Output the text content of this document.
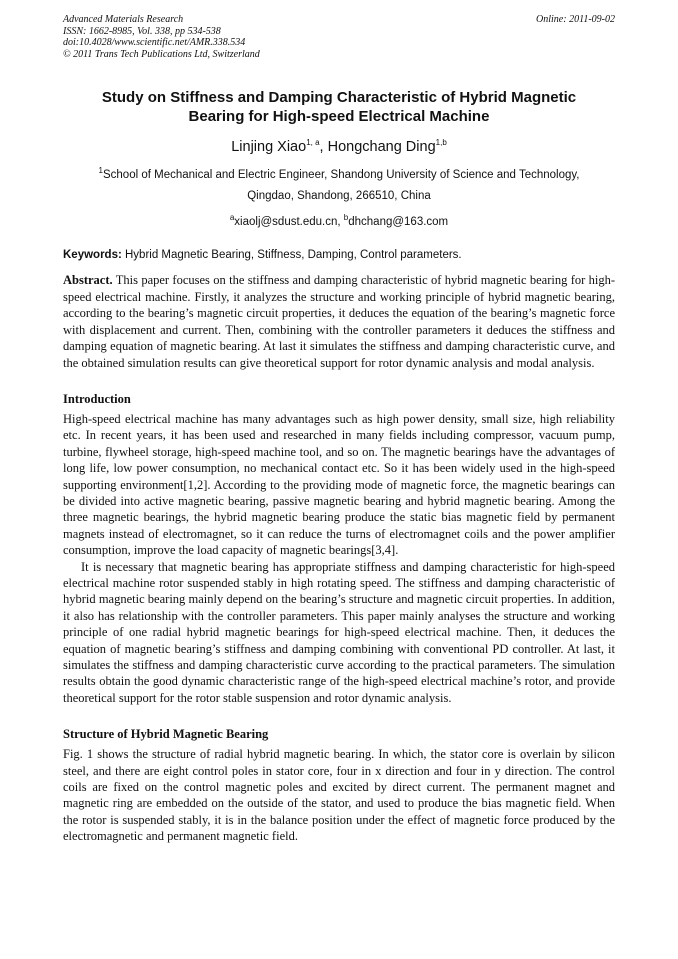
Advanced Materials Research
ISSN: 1662-8985, Vol. 338, pp 534-538
doi:10.4028/www.scientific.net/AMR.338.534
© 2011 Trans Tech Publications Ltd, Switzerland
Online: 2011-09-02
Study on Stiffness and Damping Characteristic of Hybrid Magnetic
Bearing for High-speed Electrical Machine
Linjing Xiao$^{1, a}$, Hongchang Ding$^{1,b}$
$^1$School of Mechanical and Electric Engineer, Shandong University of Science and Technology,
Qingdao, Shandong, 266510, China
$^a$xiaolj@sdust.edu.cn, $^b$dhchang@163.com
Keywords: Hybrid Magnetic Bearing, Stiffness, Damping, Control parameters.
Abstract. This paper focuses on the stiffness and damping characteristic of hybrid magnetic bearing for high-speed electrical machine. Firstly, it analyzes the structure and working principle of hybrid magnetic bearing, according to the bearing’s magnetic circuit properties, it deduces the equation of the bearing’s magnetic force with displacement and current. Then, combining with the controller parameters it deduces the stiffness and damping equation of magnetic bearing. At last it simulates the stiffness and damping characteristic curve, and the obtained simulation results can give theoretical support for rotor dynamic analysis and modal analysis.
Introduction

High-speed electrical machine has many advantages such as high power density, small size, high reliability etc. In recent years, it has been used and researched in many fields including compressor, vacuum pump, turbine, flywheel storage, high-speed machine tool, and so on. The magnetic bearings have the advantages of long life, low power consumption, no mechanical contact etc. So it has been widely used in the high-speed supporting environment[1,2]. According to the providing mode of magnetic force, the magnetic bearings can be divided into active magnetic bearing, passive magnetic bearing and hybrid magnetic bearing. Among the three magnetic bearings, the hybrid magnetic bearing produce the static bias magnetic field by permanent magnets instead of electromagnet, so it can reduce the turns of electromagnet coils and the power amplifier consumption, improve the load capacity of magnetic bearings[3,4].

It is necessary that magnetic bearing has appropriate stiffness and damping characteristic for high-speed electrical machine rotor suspended stably in high rotating speed. The stiffness and damping characteristic of hybrid magnetic bearing mainly depend on the bearing’s structure and magnetic circuit properties. In addition, it also has relationship with the controller parameters. This paper mainly analyses the structure and working principle of one radial hybrid magnetic bearings for high-speed electrical machine. Then, it deduces the equation of magnetic bearing’s stiffness and damping combining with conventional PD controller. At last, it simulates the stiffness and damping characteristic curve according to the practical parameters. The simulation results obtain the good dynamic characteristic range of the high-speed electrical machine’s rotor, and provide theoretical support for the rotor stable suspension and rotor dynamic analysis.

Structure of Hybrid Magnetic Bearing

Fig. 1 shows the structure of radial hybrid magnetic bearing. In which, the stator core is overlain by silicon steel, and there are eight control poles in stator core, four in x direction and four in y direction. The control coils are fixed on the control magnetic poles and excited by direct current. The permanent magnet and magnetic ring are embedded on the outside of the stator, and used to produce the bias magnetic field. When the rotor is suspended stably, it is in the balance position under the effect of magnetic force produced by the electromagnetic and permanent magnetic field.
